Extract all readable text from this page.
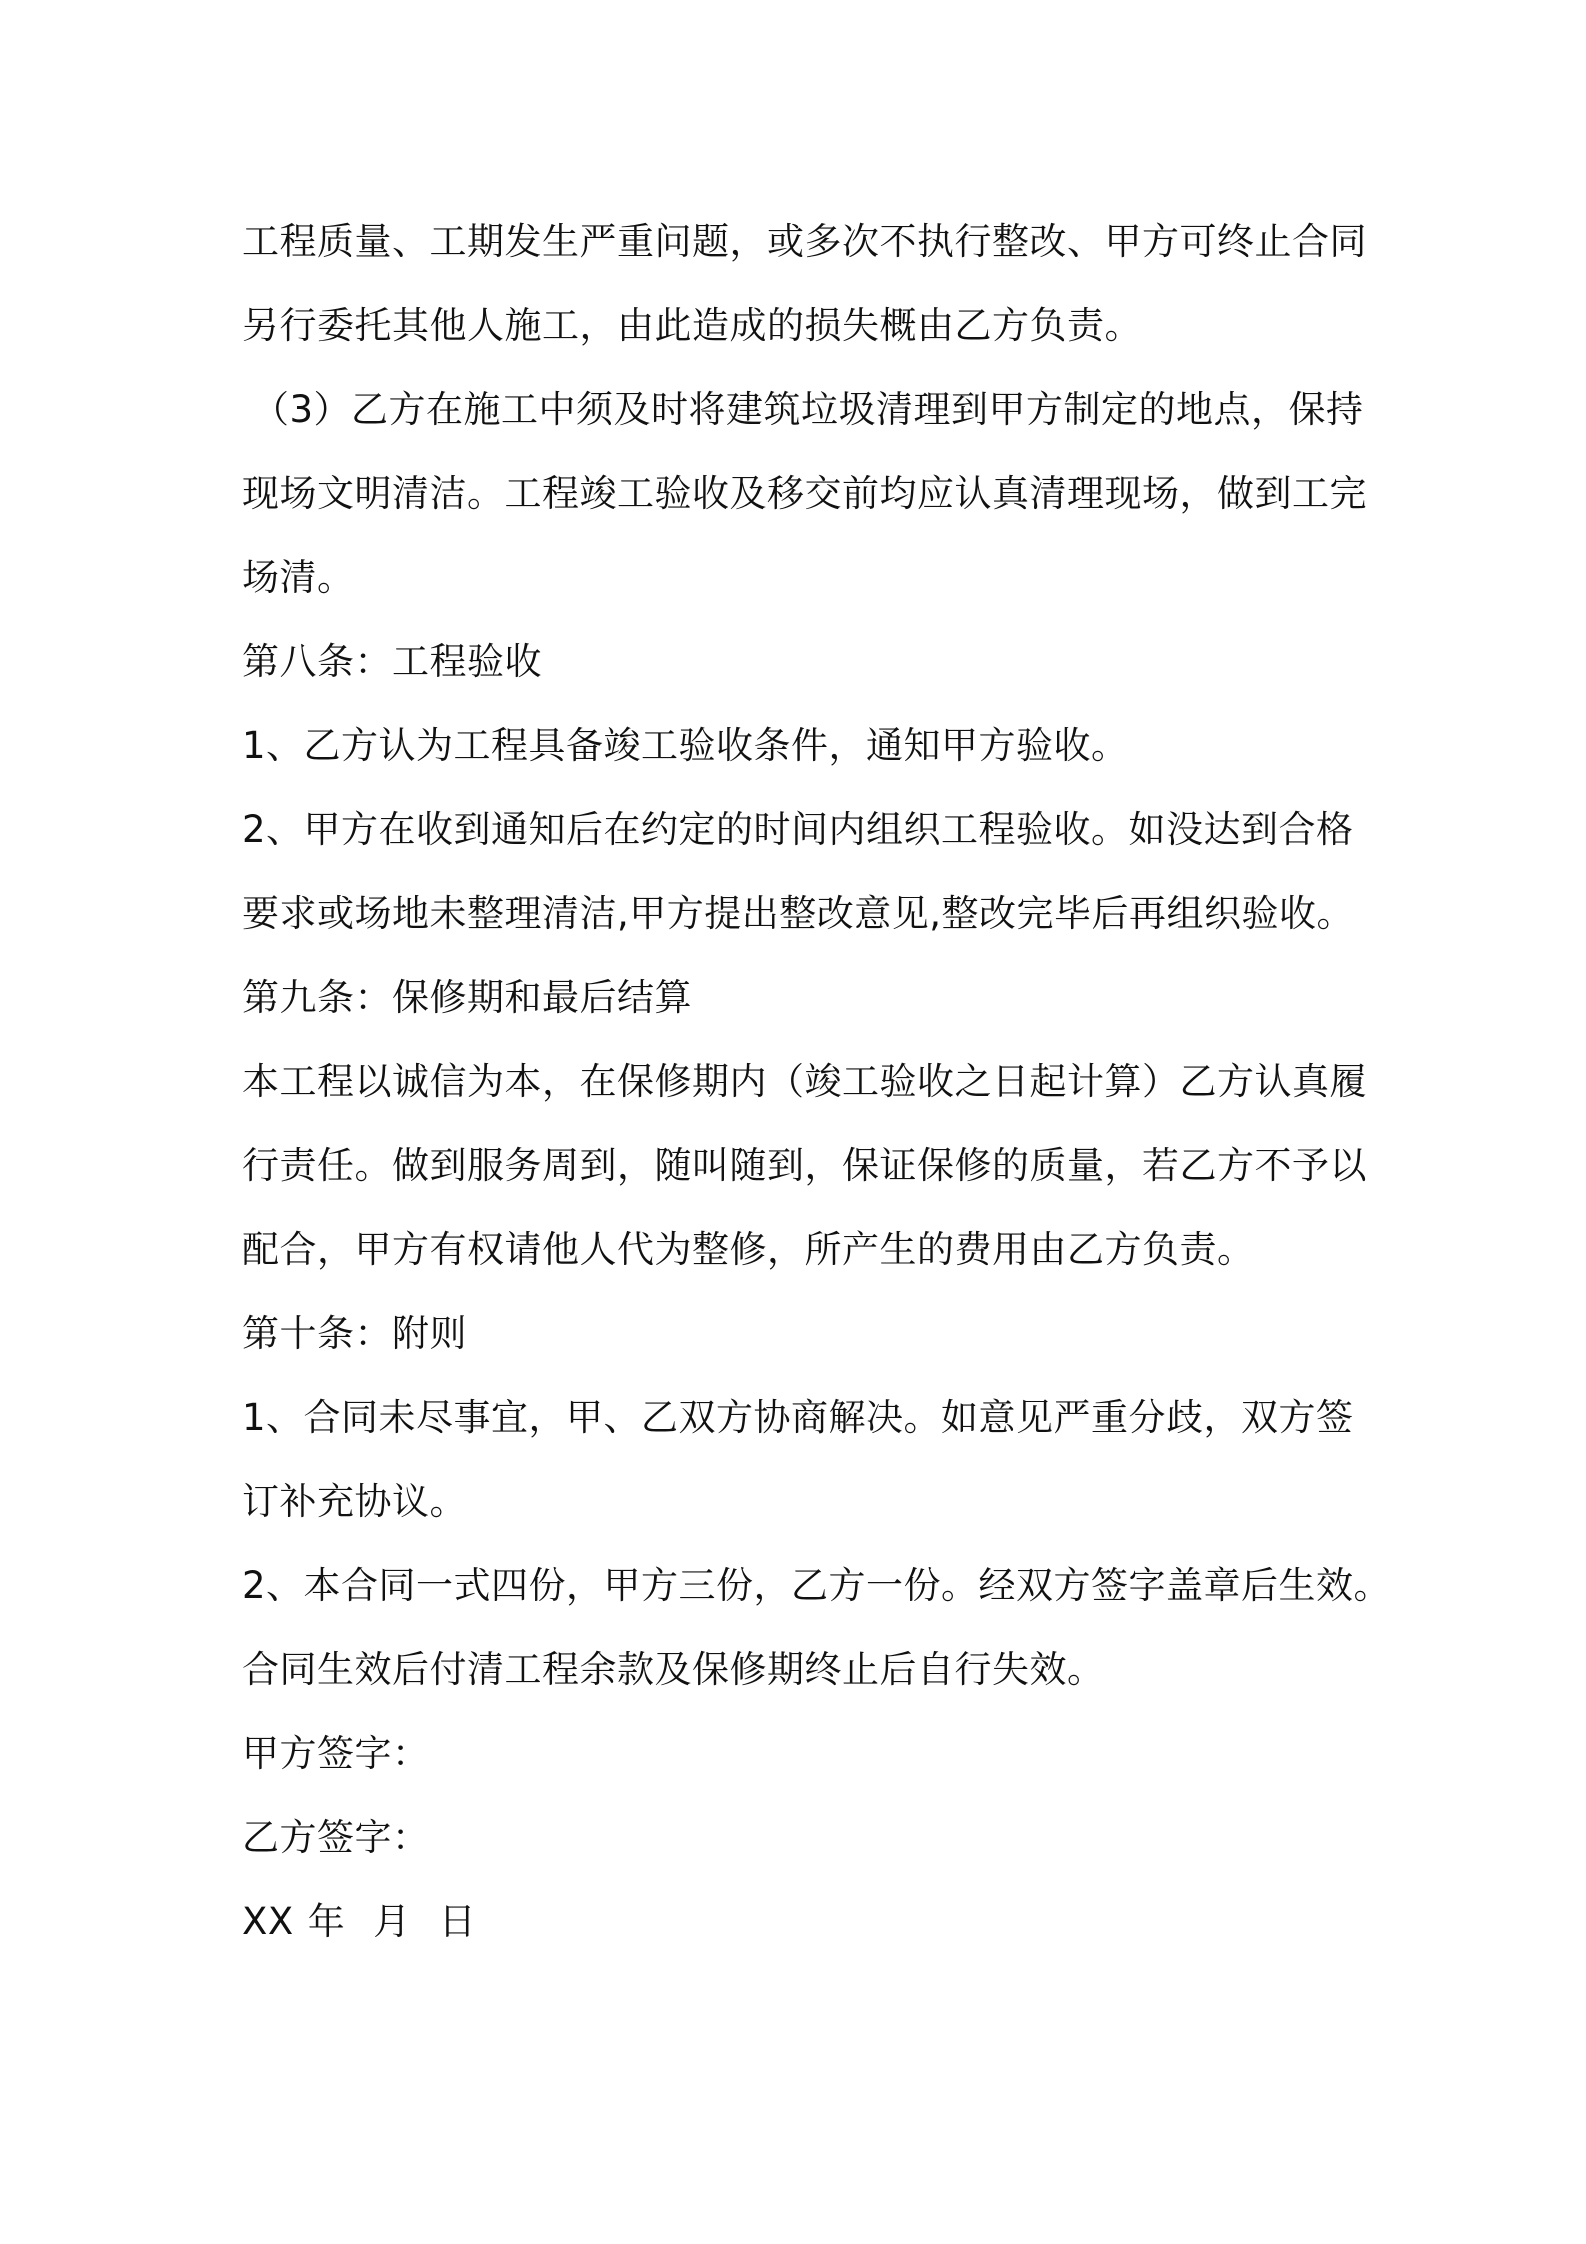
工程质量、工期发生严重问题，或多次不执行整改、甲方可终止合同
另行委托其他人施工，由此造成的损失概由乙方负责。
（3）乙方在施工中须及时将建筑垃圾清理到甲方制定的地点，保持
现场文明清洁。工程竣工验收及移交前均应认真清理现场，做到工完
场清。
第八条：工程验收
1、乙方认为工程具备竣工验收条件，通知甲方验收。
2、甲方在收到通知后在约定的时间内组织工程验收。如没达到合格
要求或场地未整理清洁,甲方提出整改意见,整改完毕后再组织验收。
第九条：保修期和最后结算
本工程以诚信为本，在保修期内（竣工验收之日起计算）乙方认真履
行责任。做到服务周到，随叫随到，保证保修的质量，若乙方不予以
配合，甲方有权请他人代为整修，所产生的费用由乙方负责。
第十条：附则
1、合同未尽事宜，甲、乙双方协商解决。如意见严重分歧，双方签
订补充协议。
2、本合同一式四份，甲方三份，乙方一份。经双方签字盖章后生效。
合同生效后付清工程余款及保修期终止后自行失效。
甲方签字：
乙方签字：
XX 年 月 日
